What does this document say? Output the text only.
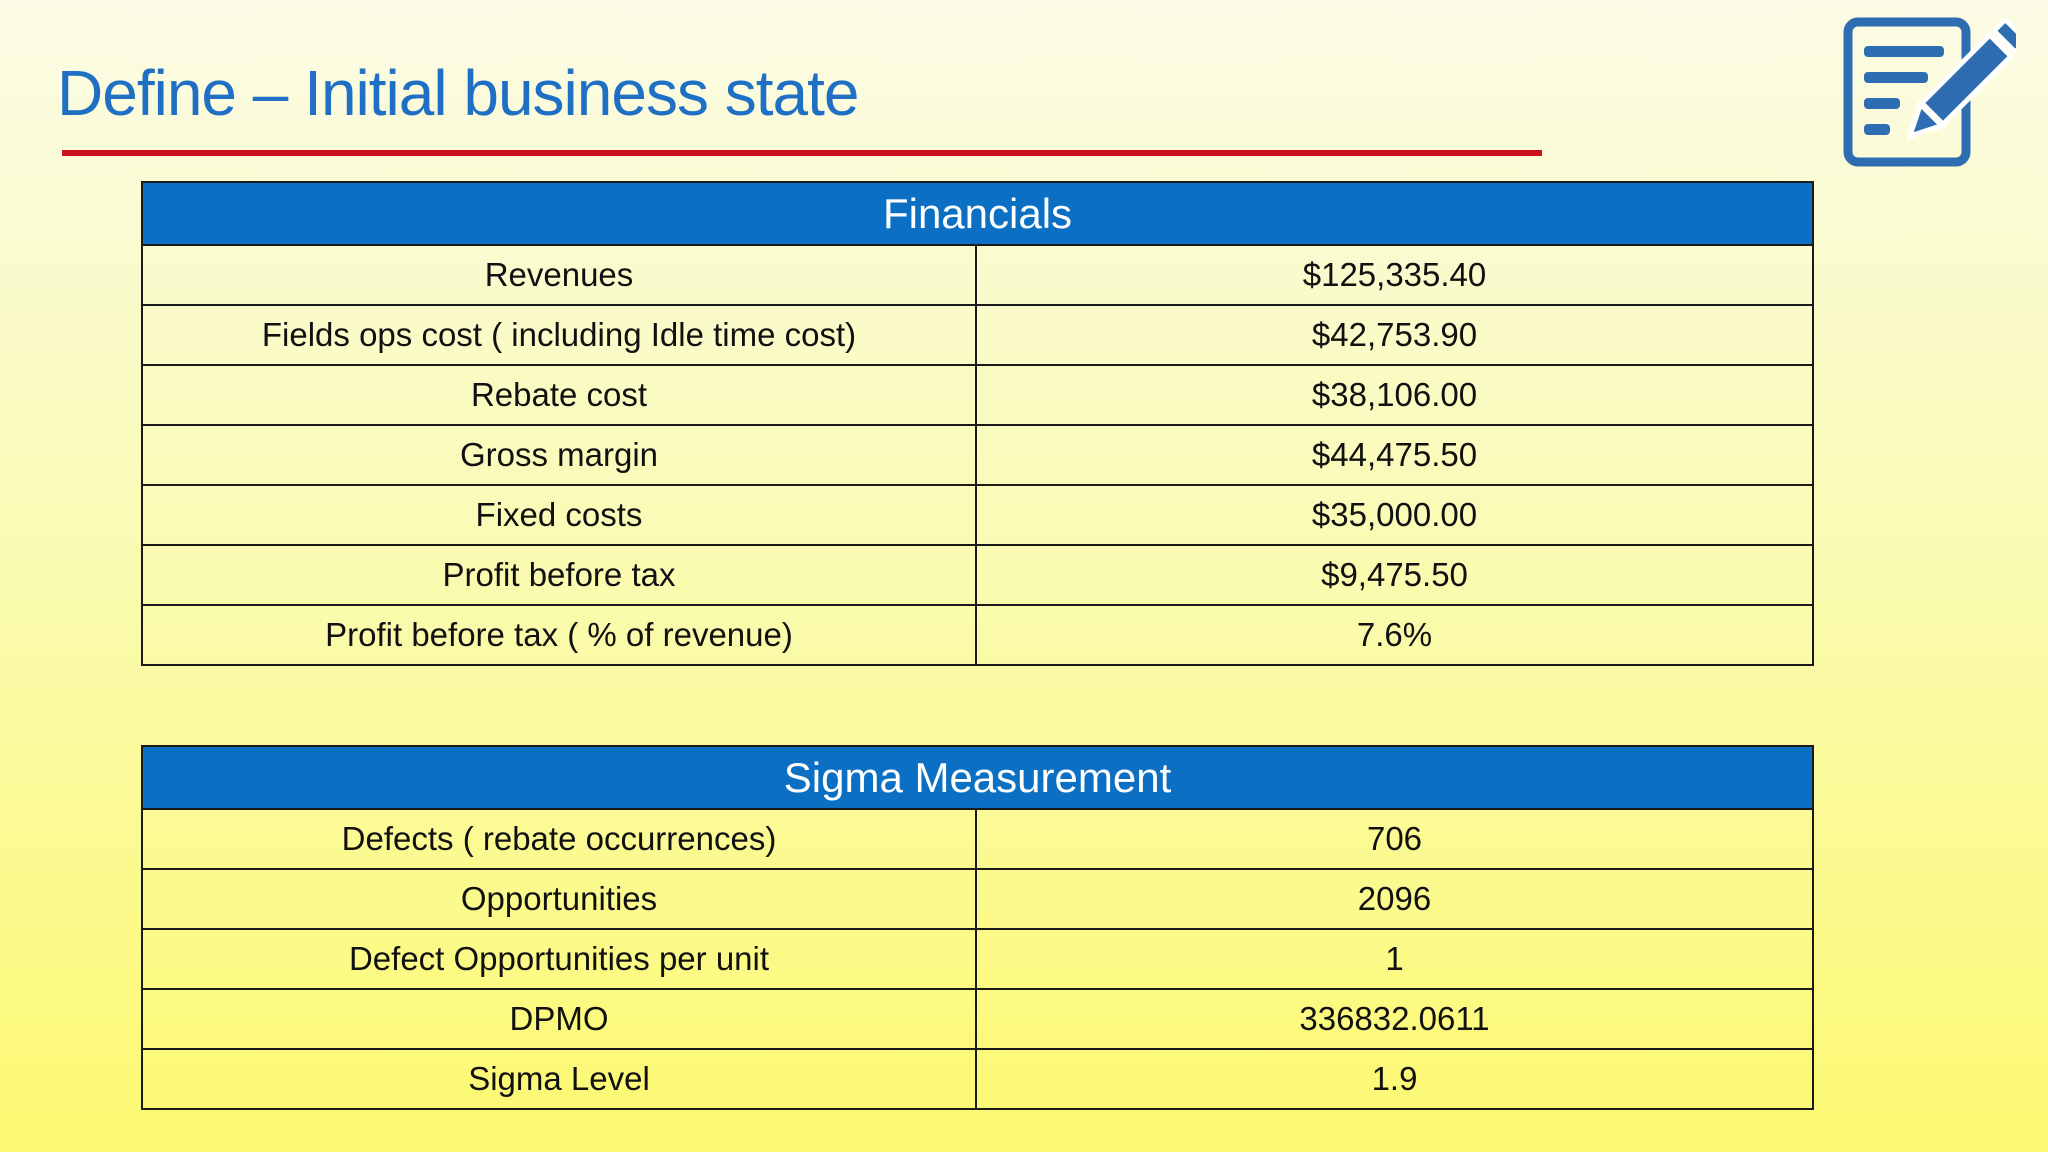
Define – Initial business state
Financials	
Revenues	$125,335.40
Fields ops cost ( including Idle time cost)	$42,753.90
Rebate cost	$38,106.00
Gross margin	$44,475.50
Fixed costs	$35,000.00
Profit before tax	$9,475.50
Profit before tax ( % of revenue)	7.6%
Sigma Measurement	
Defects ( rebate occurrences)	706
Opportunities	2096
Defect Opportunities per unit	1
DPMO	336832.0611
Sigma Level	1.9
